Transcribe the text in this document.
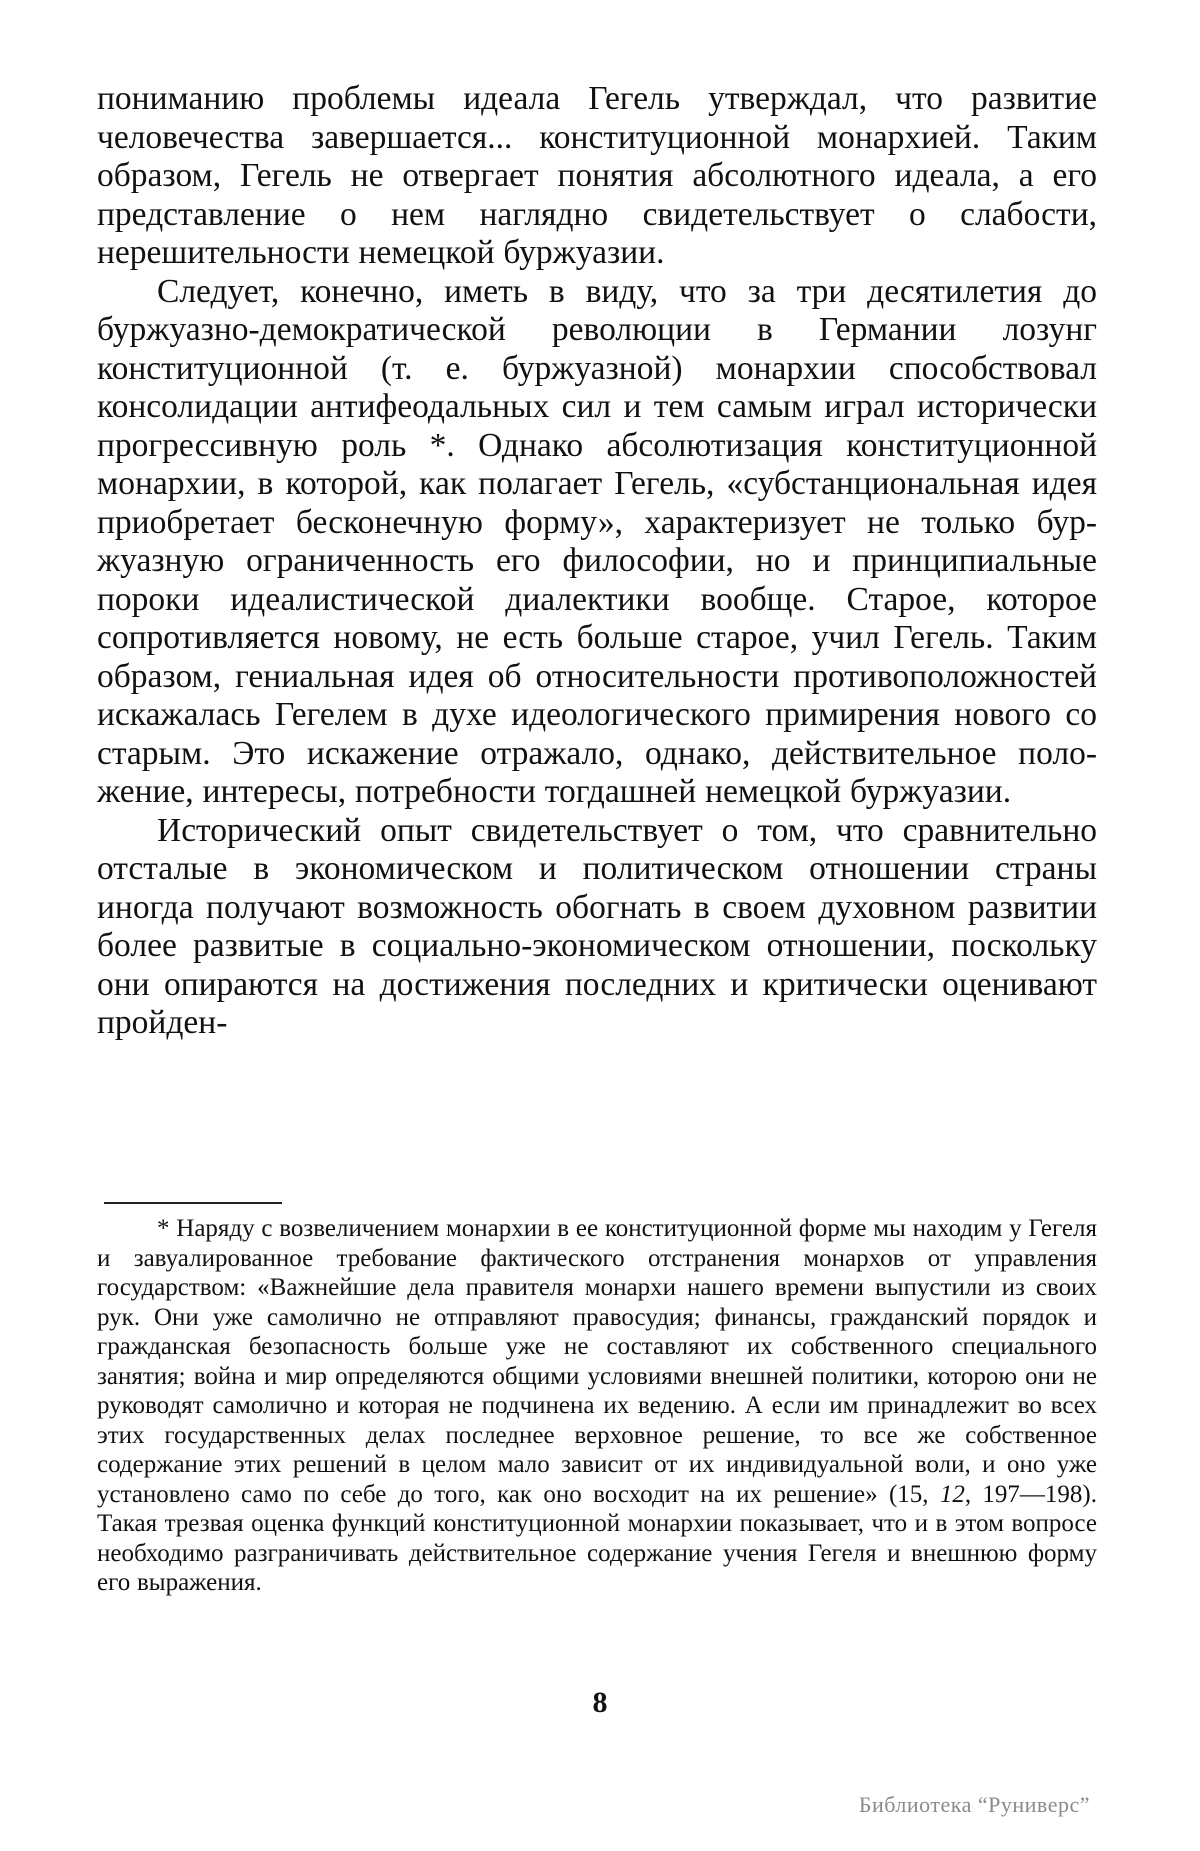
пониманию проблемы идеала Гегель утверждал, что развитие человечества завершается... конституционной монархией. Таким образом, Гегель не отвергает понятия абсолютного идеала, а его представление о нем наглядно свидетельствует о слабости, нерешительности немецкой буржуазии.

Следует, конечно, иметь в виду, что за три десятилетия до буржуазно-демократической революции в Германии лозунг конституционной (т. е. буржуазной) монархии способствовал консолидации антифеодальных сил и тем самым играл исторически прогрессивную роль *. Однако абсолютизация конституционной монархии, в которой, как полагает Гегель, «субстанциональная идея приобретает бесконечную форму», характеризует не только буржуазную ограниченность его философии, но и принципиальные пороки идеалистической диалектики вообще. Старое, которое сопротивляется новому, не есть больше старое, учил Гегель. Таким образом, гениальная идея об относительности противоположностей искажалась Гегелем в духе идеологического примирения нового со старым. Это искажение отражало, однако, действительное положение, интересы, потребности тогдашней немецкой буржуазии.

Исторический опыт свидетельствует о том, что сравнительно отсталые в экономическом и политическом отношении страны иногда получают возможность обогнать в своем духовном развитии более развитые в социально-экономическом отношении, поскольку они опираются на достижения последних и критически оценивают пройден-

* Наряду с возвеличением монархии в ее конституционной форме мы находим у Гегеля и завуалированное требование фактического отстранения монархов от управления государством: «Важнейшие дела правителя монархи нашего времени выпустили из своих рук. Они уже самолично не отправляют правосудия; финансы, гражданский порядок и гражданская безопасность больше уже не составляют их собственного специального занятия; война и мир определяются общими условиями внешней политики, которою они не руководят самолично и которая не подчинена их ведению. А если им принадлежит во всех этих государственных делах последнее верховное решение, то все же собственное содержание этих решений в целом мало зависит от их индивидуальной воли, и оно уже установлено само по себе до того, как оно восходит на их решение» (15, 12, 197—198). Такая трезвая оценка функций конституционной монархии показывает, что и в этом вопросе необходимо разграничивать действительное содержание учения Гегеля и внешнюю форму его выражения.
8
Библиотека “Руниверс”
